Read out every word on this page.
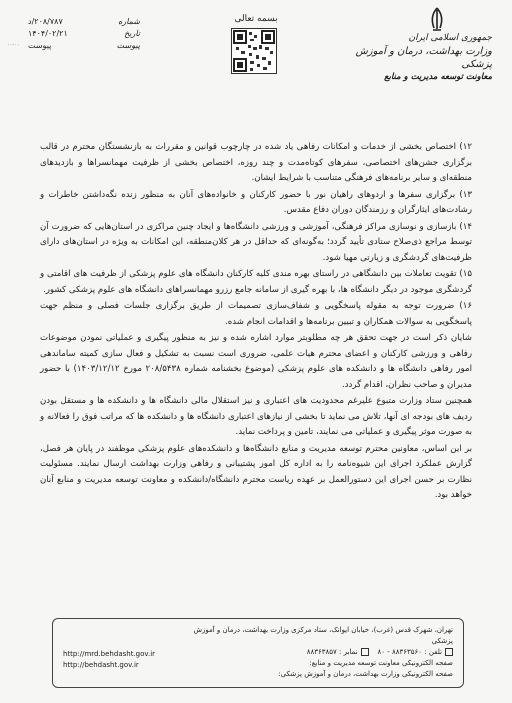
۰۰-۰۰
بسمه تعالی
جمهوری اسلامی ایران
وزارت بهداشت، درمان و آموزش پزشکی
معاونت توسعه مدیریت و منابع
شماره
۲۰۸/۷۸۷/د
تاریخ
۱۴۰۴/۰۲/۲۱
پیوست
پیوست

۱۲) اختصاص بخشی از خدمات و امکانات رفاهی یاد شده در چارچوب قوانین و مقررات به بازنشستگان محترم در قالب برگزاری جشن‌های اختصاصی، سفرهای کوتاه‌مدت و چند روزه، اختصاص بخشی از ظرفیت مهمانسراها و بازدیدهای منطقه‌ای و سایر برنامه‌های فرهنگی متناسب با شرایط ایشان.

۱۳) برگزاری سفرها و اردوهای راهیان نور با حضور کارکنان و خانواده‌های آنان به منظور زنده نگه‌داشتن خاطرات و رشادت‌های ایثارگران و رزمندگان دوران دفاع مقدس.

۱۴) بازسازی و نوسازی مراکز فرهنگی، آموزشی و ورزشی دانشگاه‌ها و ایجاد چنین مراکزی در استان‌هایی که ضرورت آن توسط مراجع ذی‌صلاح ستادی تأیید گردد؛ به‌گونه‌ای که حداقل در هر کلان‌منطقه، این امکانات به ویژه در استان‌های دارای ظرفیت‌های گردشگری و زیارتی مهیا شود.

۱۵) تقویت تعاملات بین دانشگاهی در راستای بهره مندی کلیه کارکنان دانشگاه های علوم پزشکی از ظرفیت های اقامتی و گردشگری موجود در دیگر دانشگاه ها، با بهره گیری از سامانه جامع رزرو مهمانسراهای دانشگاه های علوم پزشکی کشور.

۱۶) ضرورت توجه به مقوله پاسخگویی و شفاف‌سازی تصمیمات از طریق برگزاری جلسات فصلی و منظم جهت پاسخگویی به سوالات همکاران و تبیین برنامه‌ها و اقدامات انجام شده.

شایان ذکر است در جهت تحقق هر چه مطلوبتر موارد اشاره شده و نیز به منظور پیگیری و عملیاتی نمودن موضوعات رفاهی و ورزشی کارکنان و اعضای محترم هیات علمی، ضروری است نسبت به تشکیل و فعال سازی کمیته ساماندهی امور رفاهی دانشگاه ها و دانشکده های علوم پزشکی (موضوع بخشنامه شماره ۲۰۸/۵۴۳۸ مورخ ۱۴۰۳/۱۲/۱۲) با حضور مدیران و صاحب نظران، اقدام گردد.

همچنین ستاد وزارت متبوع علیرغم محدودیت های اعتباری و نیز استقلال مالی دانشگاه ها و دانشکده ها و مستقل بودن ردیف های بودجه ای آنها، تلاش می نماید تا بخشی از نیازهای اعتباری دانشگاه ها و دانشکده ها که مراتب فوق را فعالانه و به صورت موثر پیگیری و عملیاتی می نمایند، تامین و پرداخت نماید.

بر این اساس، معاونین محترم توسعه مدیریت و منابع دانشگاه‌ها و دانشکده‌های علوم پزشکی موظفند در پایان هر فصل، گزارش عملکرد اجرای این شیوه‌نامه را به اداره کل امور پشتیبانی و رفاهی وزارت بهداشت ارسال نمایند. مسئولیت نظارت بر حسن اجرای این دستورالعمل بر عهده ریاست محترم دانشگاه/دانشکده و معاونت توسعه مدیریت و منابع آنان خواهد بود.

تهران، شهرک قدس (غرب)، خیابان ایوانک، ستاد مرکزی وزارت بهداشت، درمان و آموزش پزشکی
تلفن : ۸۸۳۶۳۵۶۰ - ۸۰    نمابر : ۸۸۳۶۳۸۵۷
صفحه الکترونیکی معاونت توسعه مدیریت و منابع:
صفحه الکترونیکی وزارت بهداشت، درمان و آموزش پزشکی:
http://mrd.behdasht.gov.ir
http://behdasht.gov.ir
